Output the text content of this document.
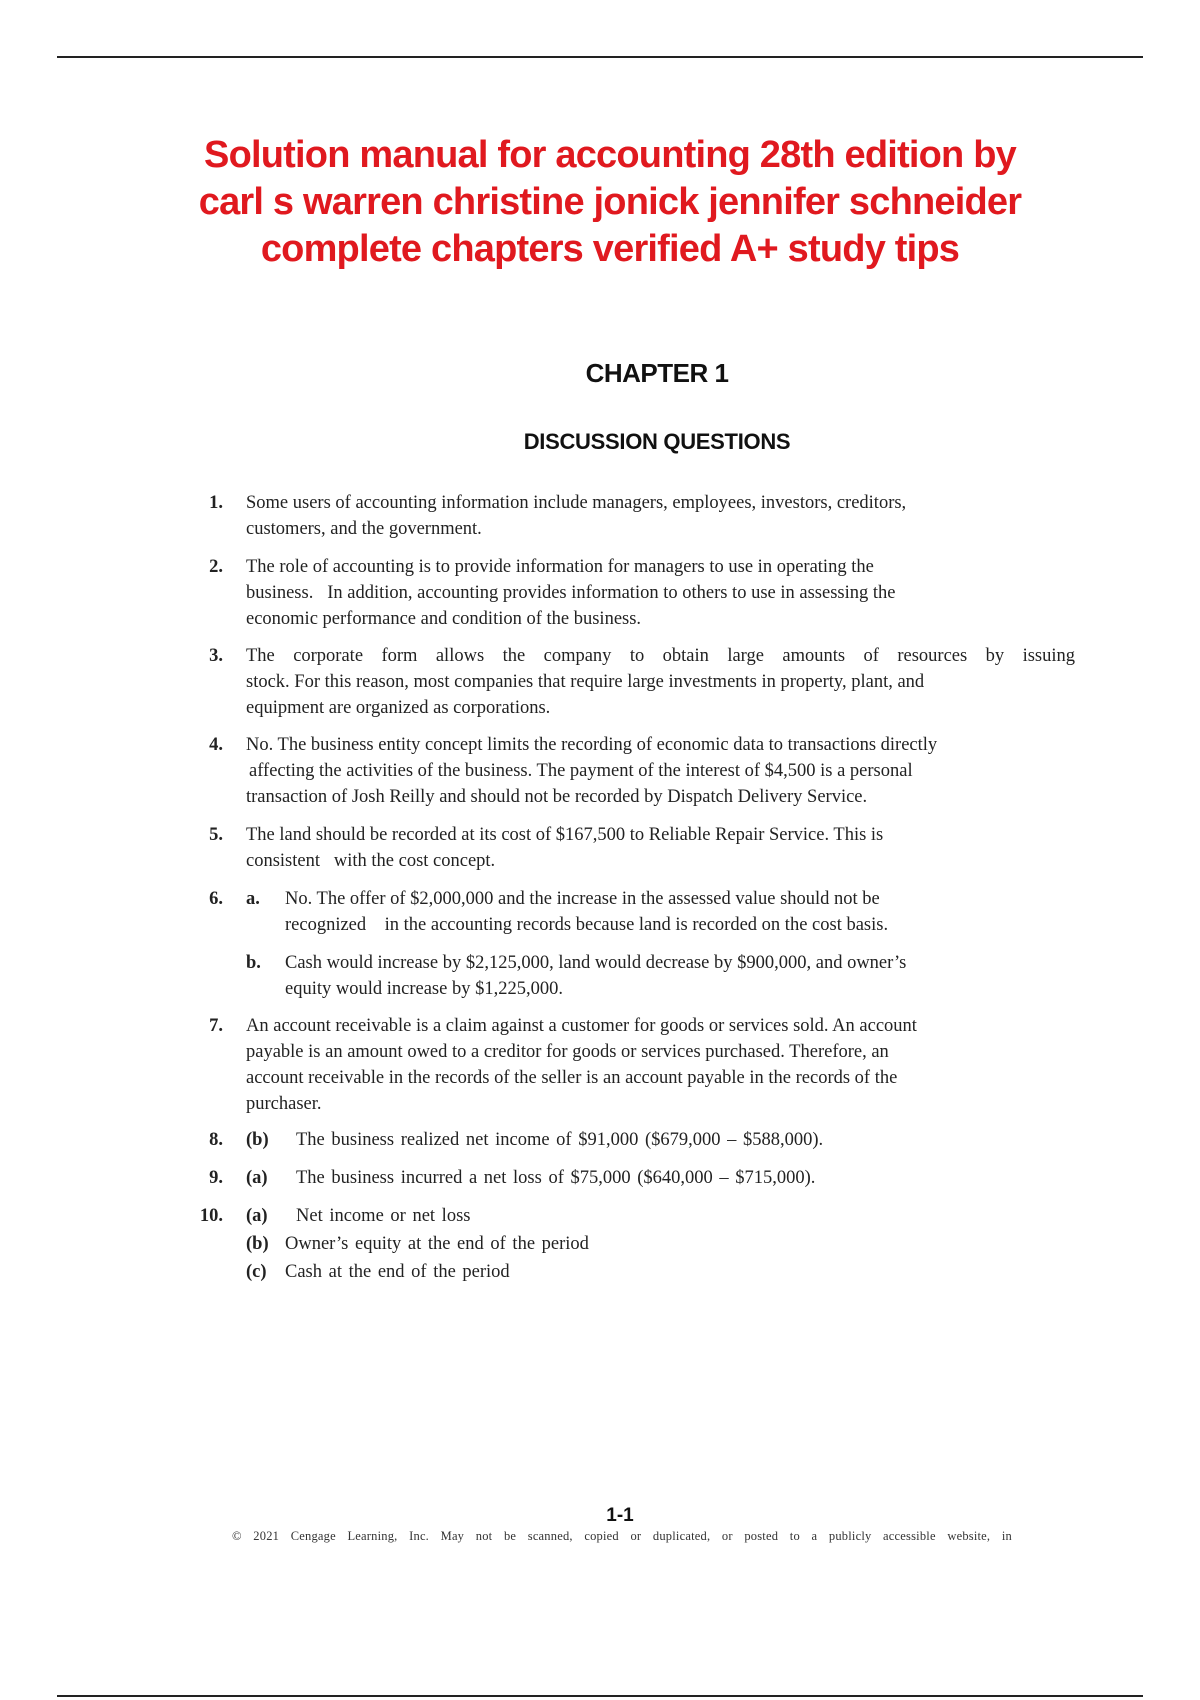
Solution manual for accounting 28th edition by
carl s warren christine jonick jennifer schneider
complete chapters verified A+ study tips
CHAPTER 1
DISCUSSION QUESTIONS
1. Some users of accounting information include managers, employees, investors, creditors,
customers, and the government.
2. The role of accounting is to provide information for managers to use in operating the
business.   In addition, accounting provides information to others to use in assessing the
economic performance and condition of the business.
3. The corporate form allows the company to obtain large amounts of resources by issuing
stock. For this reason, most companies that require large investments in property, plant, and
equipment are organized as corporations.
4. No. The business entity concept limits the recording of economic data to transactions directly
affecting the activities of the business. The payment of the interest of $4,500 is a personal
transaction of Josh Reilly and should not be recorded by Dispatch Delivery Service.
5. The land should be recorded at its cost of $167,500 to Reliable Repair Service. This is
consistent   with the cost concept.
6. a. No. The offer of $2,000,000 and the increase in the assessed value should not be
recognized    in the accounting records because land is recorded on the cost basis.
b. Cash would increase by $2,125,000, land would decrease by $900,000, and owner’s
equity would increase by $1,225,000.
7. An account receivable is a claim against a customer for goods or services sold. An account
payable is an amount owed to a creditor for goods or services purchased. Therefore, an
account receivable in the records of the seller is an account payable in the records of the
purchaser.
8. (b) The business realized net income of $91,000 ($679,000 – $588,000).
9. (a) The business incurred a net loss of $75,000 ($640,000 – $715,000).
10. (a) Net income or net loss
(b) Owner’s equity at the end of the period
(c) Cash at the end of the period
1-1
© 2021 Cengage Learning, Inc. May not be scanned, copied or duplicated, or posted to a publicly accessible website, in
